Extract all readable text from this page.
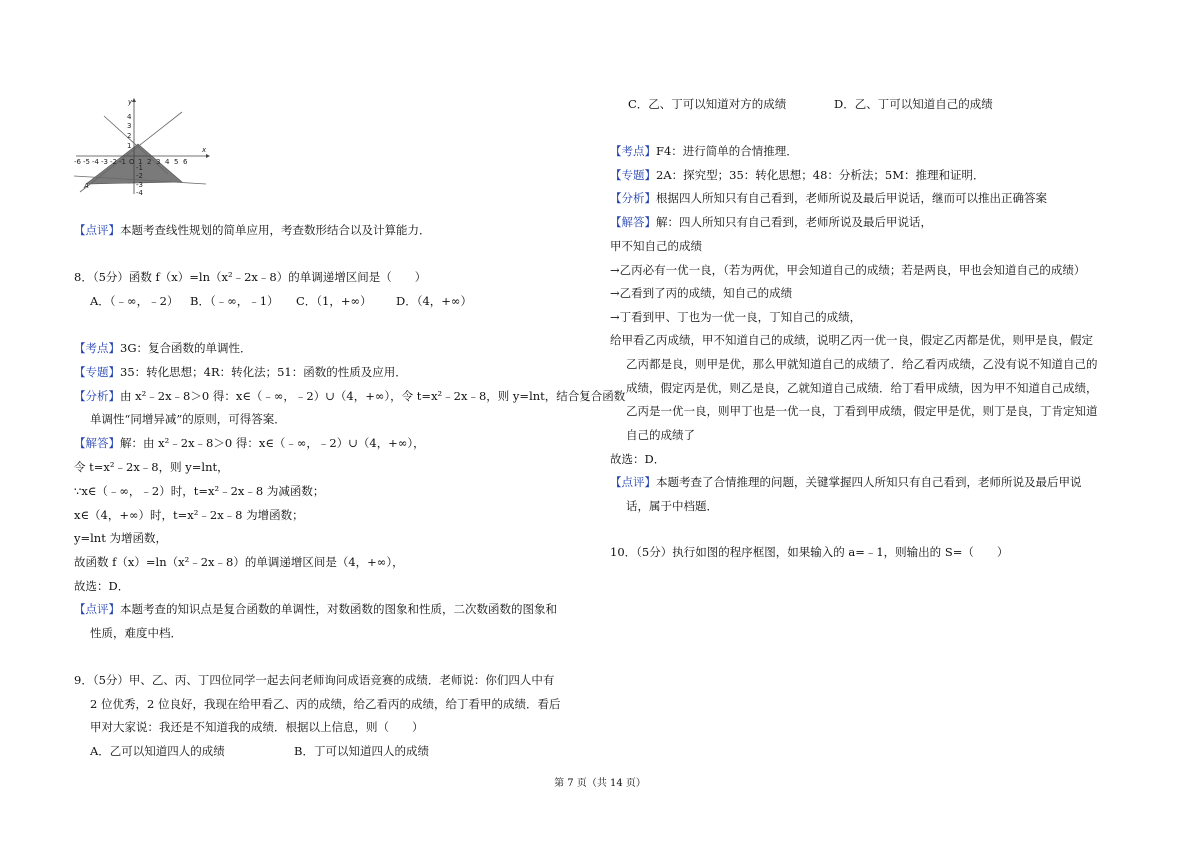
-6 -5 -4 -3 -2 -1 O 1 2 3 4 5 6
4
3
2
1
-1
-2
-3
-4
x
y
A
【点评】本题考查线性规划的简单应用，考查数形结合以及计算能力．
8．（5分）函数 f（x）=ln（x²﹣2x﹣8）的单调递增区间是（　　）
A．（﹣∞，﹣2） B．（﹣∞，﹣1） C．（1，+∞） D．（4，+∞）
【考点】3G：复合函数的单调性．
【专题】35：转化思想；4R：转化法；51：函数的性质及应用．
【分析】由 x²﹣2x﹣8＞0 得：x∈（﹣∞，﹣2）∪（4，+∞），令 t=x²﹣2x﹣8，则 y=lnt，结合复合函数
单调性“同增异减”的原则，可得答案．
【解答】解：由 x²﹣2x﹣8＞0 得：x∈（﹣∞，﹣2）∪（4，+∞），
令 t=x²﹣2x﹣8，则 y=lnt，
∵x∈（﹣∞，﹣2）时，t=x²﹣2x﹣8 为减函数；
x∈（4，+∞）时，t=x²﹣2x﹣8 为增函数；
y=lnt 为增函数，
故函数 f（x）=ln（x²﹣2x﹣8）的单调递增区间是（4，+∞），
故选：D．
【点评】本题考查的知识点是复合函数的单调性，对数函数的图象和性质，二次数函数的图象和
性质，难度中档．
9．（5分）甲、乙、丙、丁四位同学一起去问老师询问成语竞赛的成绩．老师说：你们四人中有
2 位优秀，2 位良好，我现在给甲看乙、丙的成绩，给乙看丙的成绩，给丁看甲的成绩．看后
甲对大家说：我还是不知道我的成绩．根据以上信息，则（　　）
A．乙可以知道四人的成绩	B．丁可以知道四人的成绩
C．乙、丁可以知道对方的成绩	D．乙、丁可以知道自己的成绩
【考点】F4：进行简单的合情推理．
【专题】2A：探究型；35：转化思想；48：分析法；5M：推理和证明．
【分析】根据四人所知只有自己看到，老师所说及最后甲说话，继而可以推出正确答案
【解答】解：四人所知只有自己看到，老师所说及最后甲说话，
甲不知自己的成绩
→乙丙必有一优一良，（若为两优，甲会知道自己的成绩；若是两良，甲也会知道自己的成绩）
→乙看到了丙的成绩，知自己的成绩
→丁看到甲、丁也为一优一良，丁知自己的成绩，
给甲看乙丙成绩，甲不知道自己的成绩，说明乙丙一优一良，假定乙丙都是优，则甲是良，假定
乙丙都是良，则甲是优，那么甲就知道自己的成绩了．给乙看丙成绩，乙没有说不知道自己的
成绩，假定丙是优，则乙是良，乙就知道自己成绩．给丁看甲成绩，因为甲不知道自己成绩，
乙丙是一优一良，则甲丁也是一优一良，丁看到甲成绩，假定甲是优，则丁是良，丁肯定知道
自己的成绩了
故选：D．
【点评】本题考查了合情推理的问题，关键掌握四人所知只有自己看到，老师所说及最后甲说
话，属于中档题．
10．（5分）执行如图的程序框图，如果输入的 a=﹣1，则输出的 S=（　　）
第 7 页（共 14 页）
